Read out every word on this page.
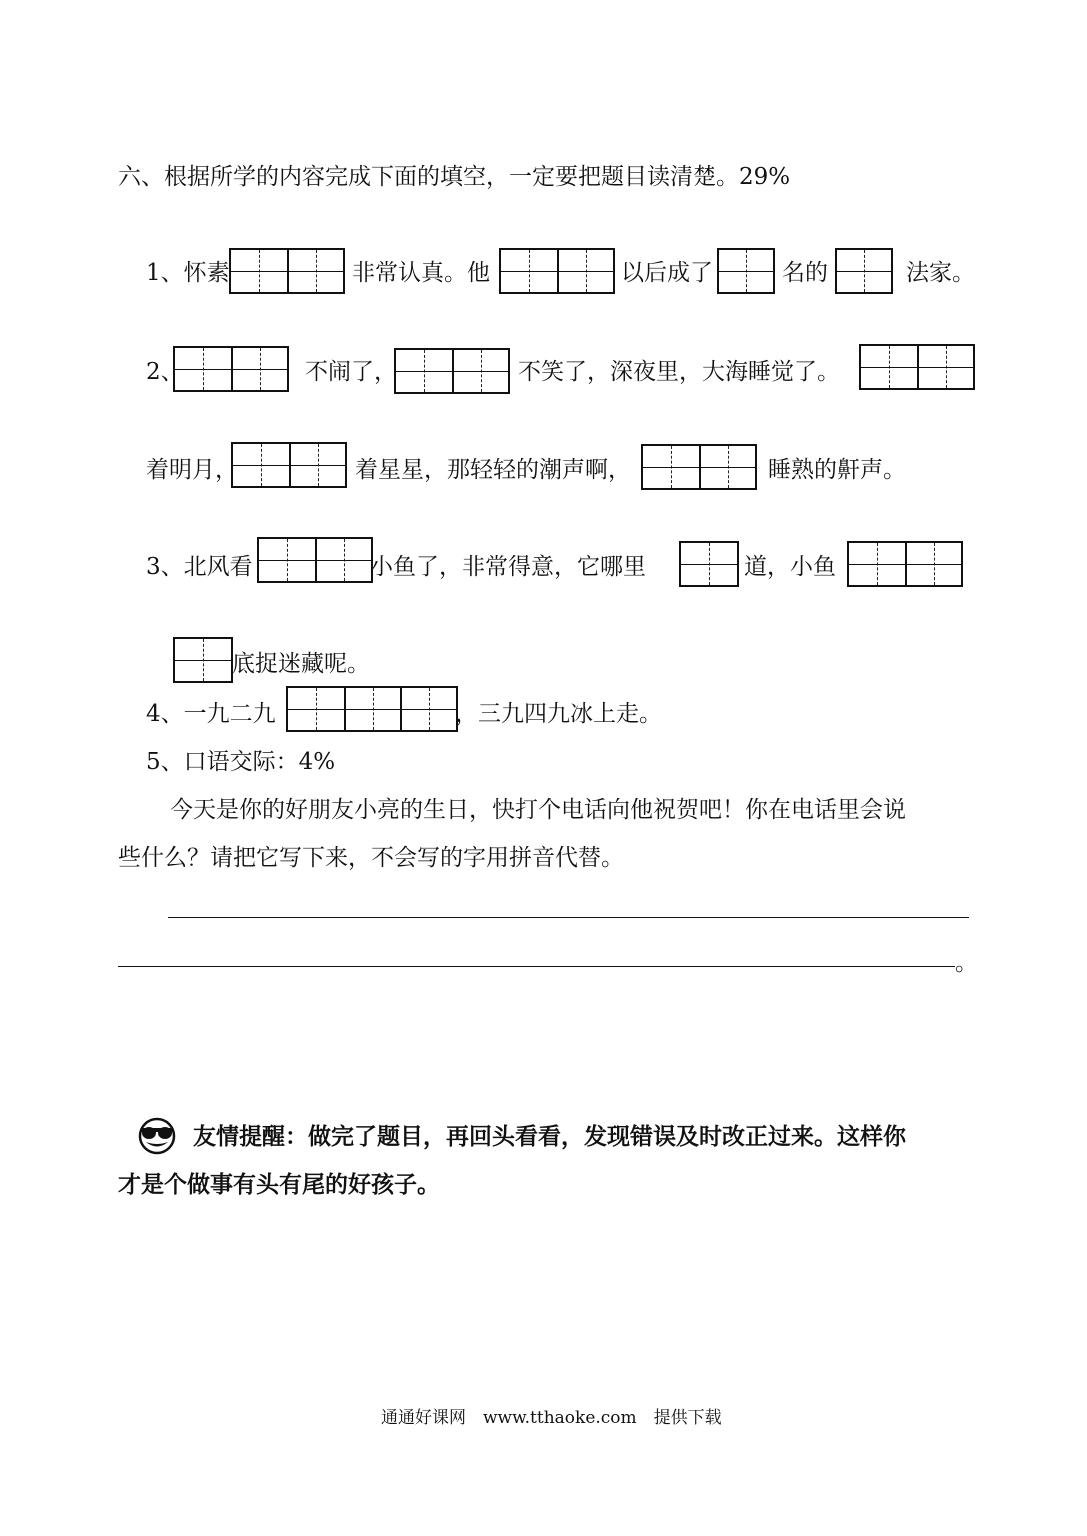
六、根据所学的内容完成下面的填空，一定要把题目读清楚。29%
1、怀素	非常认真。他	以后成了	名的	法家。
2、	不闹了，	不笑了，深夜里，大海睡觉了。
着明月，	着星星，那轻轻的潮声啊，	睡熟的鼾声。
3、北风看	小鱼了，非常得意，它哪里	道，小鱼
底捉迷藏呢。
4、一九二九	，三九四九冰上走。
5、口语交际：4%
今天是你的好朋友小亮的生日，快打个电话向他祝贺吧！你在电话里会说
些什么？请把它写下来，不会写的字用拼音代替。
。
友情提醒：做完了题目，再回头看看，发现错误及时改正过来。这样你
才是个做事有头有尾的好孩子。
通通好课网　www.tthaoke.com　提供下载
